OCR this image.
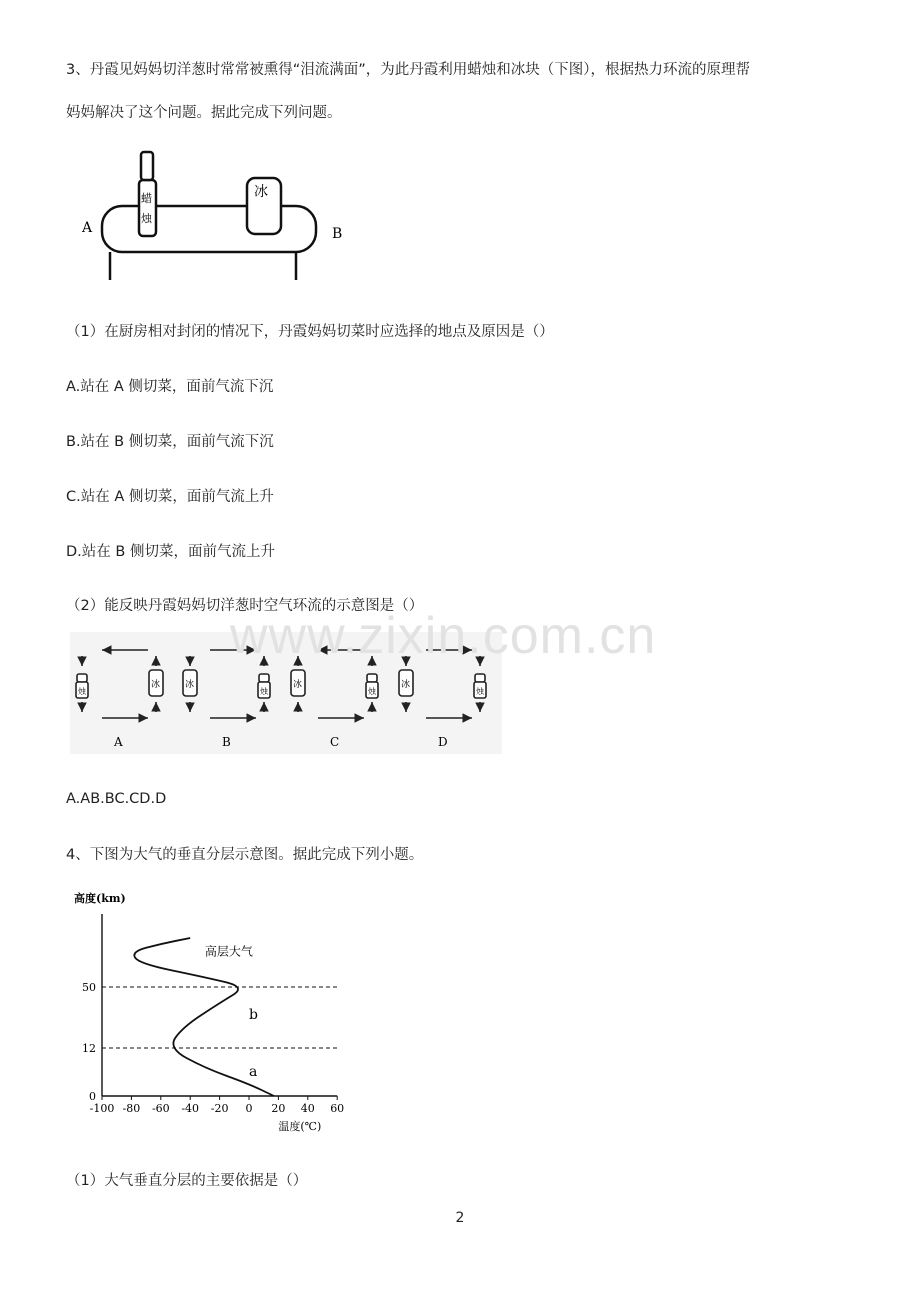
3、丹霞见妈妈切洋葱时常常被熏得“泪流满面”，为此丹霞利用蜡烛和冰块（下图），根据热力环流的原理帮
妈妈解决了这个问题。据此完成下列问题。
A	B
蜡
烛
冰
（1）在厨房相对封闭的情况下，丹霞妈妈切菜时应选择的地点及原因是（）
A.站在 A 侧切菜，面前气流下沉
B.站在 B 侧切菜，面前气流下沉
C.站在 A 侧切菜，面前气流上升
D.站在 B 侧切菜，面前气流上升
（2）能反映丹霞妈妈切洋葱时空气环流的示意图是（）
烛
冰
A
冰
烛
B
冰
烛
C
冰
烛
D
A.AB.BC.CD.D
4、下图为大气的垂直分层示意图。据此完成下列小题。
高度(km)
-100 -80 -60 -40 -20 0 20 40 60
0
12
50
a
b
高层大气
温度(℃)
（1）大气垂直分层的主要依据是（）
www.zixin.com.cn
2
